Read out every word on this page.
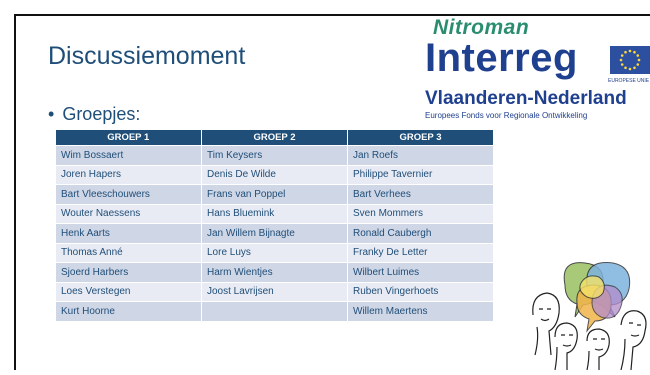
Discussiemoment
• Groepjes:
Nitroman
Interreg
EUROPESE UNIE
Vlaanderen-Nederland
Europees Fonds voor Regionale Ontwikkeling
GROEP 1	GROEP 2	GROEP 3
Wim Bossaert	Tim Keysers	Jan Roefs
Joren Hapers	Denis De Wilde	Philippe Tavernier
Bart Vleeschouwers	Frans van Poppel	Bart Verhees
Wouter Naessens	Hans Bluemink	Sven Mommers
Henk Aarts	Jan Willem Bijnagte	Ronald Caubergh
Thomas Anné	Lore Luys	Franky De Letter
Sjoerd Harbers	Harm Wientjes	Wilbert Luimes
Loes Verstegen	Joost Lavrijsen	Ruben Vingerhoets
Kurt Hoorne		Willem Maertens
